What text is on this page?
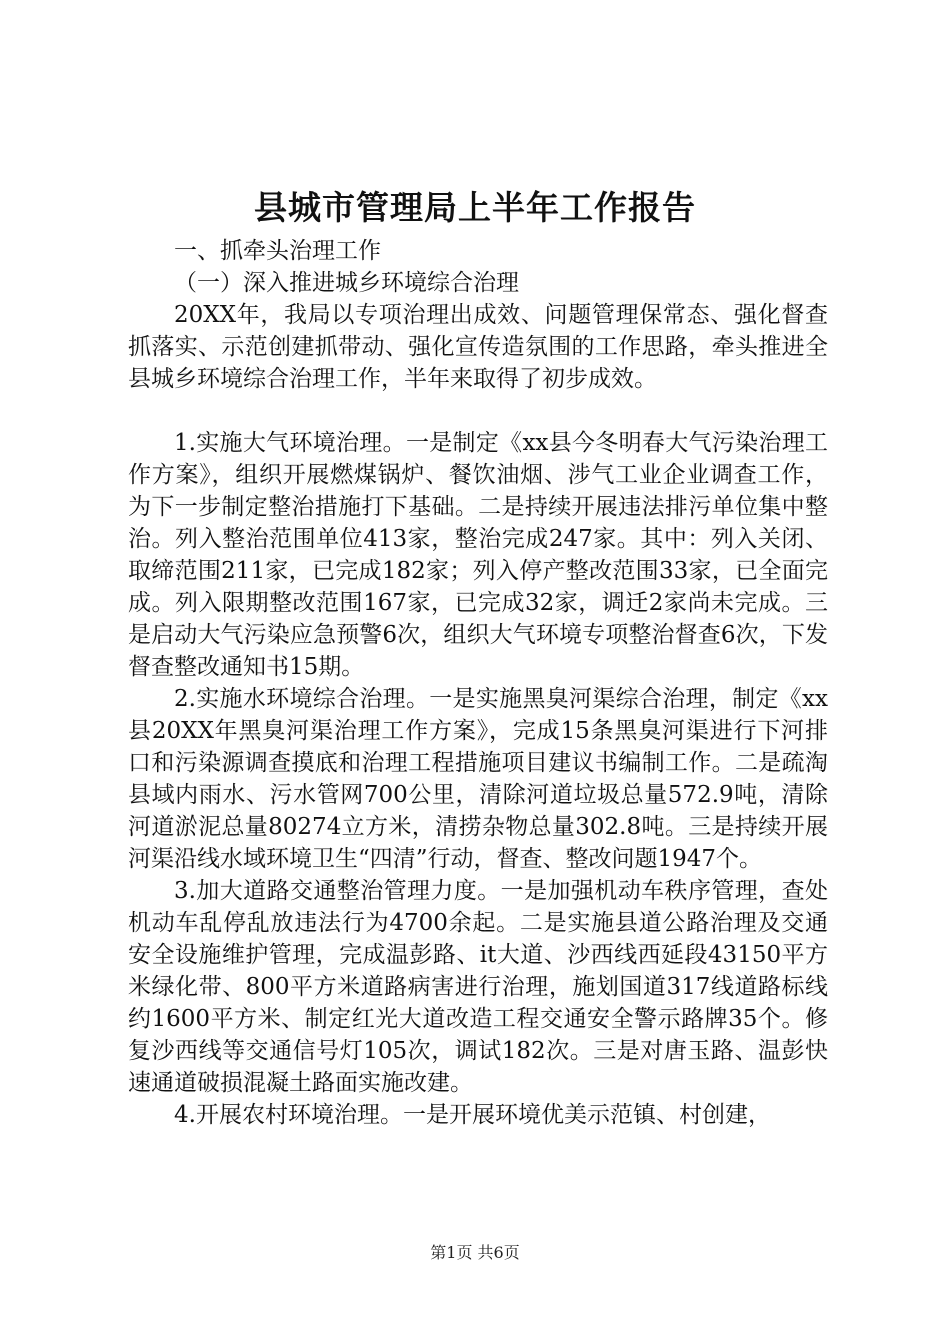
县城市管理局上半年工作报告

一、抓牵头治理工作

（一）深入推进城乡环境综合治理

20XX年，我局以专项治理出成效、问题管理保常态、强化督查抓落实、示范创建抓带动、强化宣传造氛围的工作思路，牵头推进全县城乡环境综合治理工作，半年来取得了初步成效。

1.实施大气环境治理。一是制定《xx县今冬明春大气污染治理工作方案》，组织开展燃煤锅炉、餐饮油烟、涉气工业企业调查工作，为下一步制定整治措施打下基础。二是持续开展违法排污单位集中整治。列入整治范围单位413家，整治完成247家。其中：列入关闭、取缔范围211家，已完成182家；列入停产整改范围33家，已全面完成。列入限期整改范围167家，已完成32家，调迁2家尚未完成。三是启动大气污染应急预警6次，组织大气环境专项整治督查6次，下发督查整改通知书15期。

2.实施水环境综合治理。一是实施黑臭河渠综合治理，制定《xx县20XX年黑臭河渠治理工作方案》，完成15条黑臭河渠进行下河排口和污染源调查摸底和治理工程措施项目建议书编制工作。二是疏淘县域内雨水、污水管网700公里，清除河道垃圾总量572.9吨，清除河道淤泥总量80274立方米，清捞杂物总量302.8吨。三是持续开展河渠沿线水域环境卫生“四清”行动，督查、整改问题1947个。

3.加大道路交通整治管理力度。一是加强机动车秩序管理，查处机动车乱停乱放违法行为4700余起。二是实施县道公路治理及交通安全设施维护管理，完成温彭路、it大道、沙西线西延段43150平方米绿化带、800平方米道路病害进行治理，施划国道317线道路标线约1600平方米、制定红光大道改造工程交通安全警示路牌35个。修复沙西线等交通信号灯105次，调试182次。三是对唐玉路、温彭快速通道破损混凝土路面实施改建。

4.开展农村环境治理。一是开展环境优美示范镇、村创建，

第1页 共6页
